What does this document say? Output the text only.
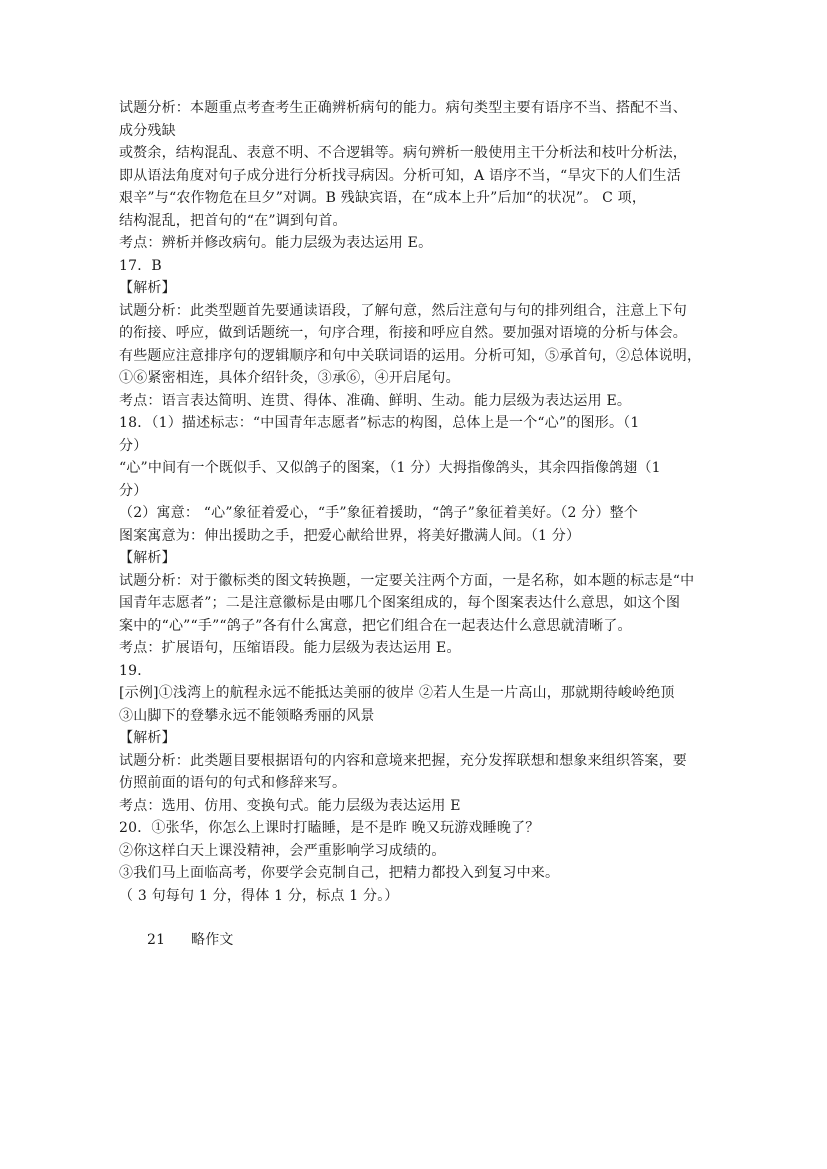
试题分析：本题重点考查考生正确辨析病句的能力。病句类型主要有语序不当、搭配不当、
成分残缺
或赘余，结构混乱、表意不明、不合逻辑等。病句辨析一般使用主干分析法和枝叶分析法，
即从语法角度对句子成分进行分析找寻病因。分析可知，A 语序不当，“旱灾下的人们生活
艰辛”与“农作物危在旦夕”对调。B 残缺宾语，在“成本上升”后加“的状况”。 C 项，
结构混乱，把首句的“在”调到句首。
考点：辨析并修改病句。能力层级为表达运用 E。
17．B
【解析】
试题分析：此类型题首先要通读语段，了解句意，然后注意句与句的排列组合，注意上下句
的衔接、呼应，做到话题统一，句序合理，衔接和呼应自然。要加强对语境的分析与体会。
有些题应注意排序句的逻辑顺序和句中关联词语的运用。分析可知，⑤承首句，②总体说明，
①⑥紧密相连，具体介绍针灸，③承⑥，④开启尾句。
考点：语言表达简明、连贯、得体、准确、鲜明、生动。能力层级为表达运用 E。
18．（1）描述标志：“中国青年志愿者”标志的构图，总体上是一个“心”的图形。（1
分）
“心”中间有一个既似手、又似鸽子的图案，（1 分）大拇指像鸽头，其余四指像鸽翅（1
分）
（2）寓意： “心”象征着爱心，“手”象征着援助，“鸽子”象征着美好。（2 分）整个
图案寓意为：伸出援助之手，把爱心献给世界，将美好撒满人间。（1 分）
【解析】
试题分析：对于徽标类的图文转换题，一定要关注两个方面，一是名称，如本题的标志是“中
国青年志愿者”；二是注意徽标是由哪几个图案组成的，每个图案表达什么意思，如这个图
案中的“心”“手”“鸽子”各有什么寓意，把它们组合在一起表达什么意思就清晰了。
考点：扩展语句，压缩语段。能力层级为表达运用 E。
19．
[示例]①浅湾上的航程永远不能抵达美丽的彼岸 ②若人生是一片高山，那就期待峻岭绝顶
③山脚下的登攀永远不能领略秀丽的风景
【解析】
试题分析：此类题目要根据语句的内容和意境来把握，充分发挥联想和想象来组织答案，要
仿照前面的语句的句式和修辞来写。
考点：选用、仿用、变换句式。能力层级为表达运用 E
20．①张华，你怎么上课时打瞌睡，是不是昨 晚又玩游戏睡晚了？
②你这样白天上课没精神，会严重影响学习成绩的。
③我们马上面临高考，你要学会克制自己，把精力都投入到复习中来。
（ 3 句每句 1 分，得体 1 分，标点 1 分。）
21 略作文
